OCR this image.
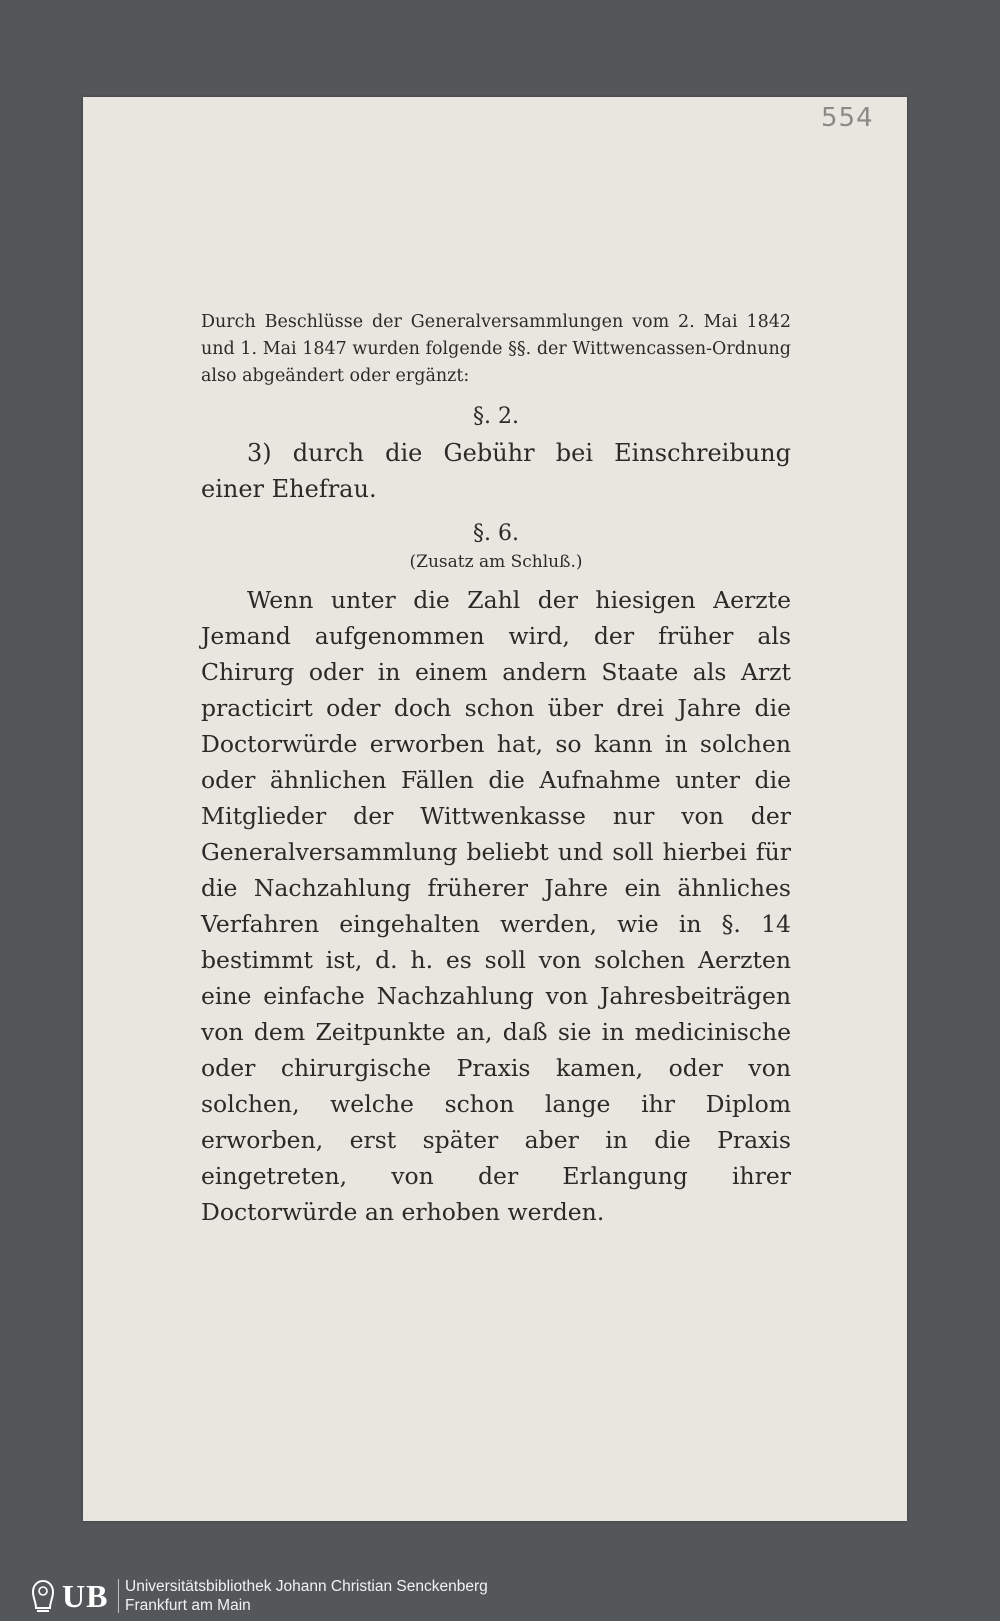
554

Durch Beschlüsse der Generalversammlungen vom 2. Mai 1842 und 1. Mai 1847 wurden folgende §§. der Wittwencassen-Ordnung also abgeändert oder ergänzt:

§. 2.

3) durch die Gebühr bei Einschreibung einer Ehefrau.

§. 6.
(Zusatz am Schluß.)

Wenn unter die Zahl der hiesigen Aerzte Jemand aufgenommen wird, der früher als Chirurg oder in einem andern Staate als Arzt practicirt oder doch schon über drei Jahre die Doctorwürde erworben hat, so kann in solchen oder ähnlichen Fällen die Aufnahme unter die Mitglieder der Wittwenkasse nur von der Generalversammlung beliebt und soll hierbei für die Nachzahlung früherer Jahre ein ähnliches Verfahren eingehalten werden, wie in §. 14 bestimmt ist, d. h. es soll von solchen Aerzten eine einfache Nachzahlung von Jahresbeiträgen von dem Zeitpunkte an, daß sie in medicinische oder chirurgische Praxis kamen, oder von solchen, welche schon lange ihr Diplom erworben, erst später aber in die Praxis eingetreten, von der Erlangung ihrer Doctorwürde an erhoben werden.

UB Universitätsbibliothek Johann Christian Senckenberg
Frankfurt am Main
